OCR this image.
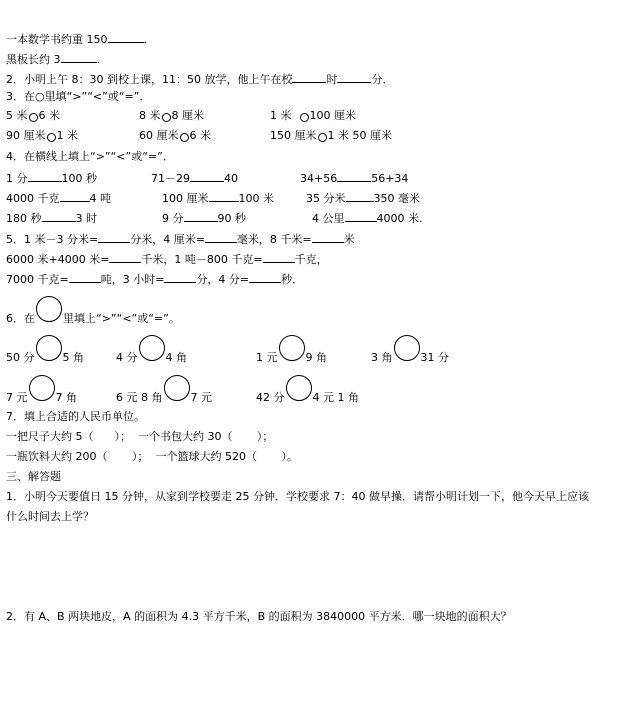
一本数学书约重 150	.
黑板长约 3	.
2．小明上午 8：30 到校上课，11：50 放学，他上午在校	时	分．
3．在○里填“>”“<”或“=”．
5 米 6 米	8 米 8 厘米	1 米 100 厘米
90 厘米 1 米	60 厘米 6 米	150 厘米 1 米 50 厘米
4．在横线上填上“>”“<”或“=”．
1 分	100 秒	71－29	40	34+56	56+34
4000 千克	4 吨	100 厘米	100 米	35 分米	350 毫米
180 秒	3 时	9 分	90 秒	4 公里	4000 米.
5．1 米－3 分米=	分米，4 厘米=	毫米，8 千米=	米
6000 米+4000 米=	千米，1 吨－800 千克=	千克，
7000 千克=	吨，3 小时=	分，4 分=	秒．
6．在	里填上“>”“<”或“=”。
50 分	5 角	4 分	4 角	1 元	9 角	3 角	31 分
7 元	7 角	6 元 8 角	7 元	42 分	4 元 1 角
7．填上合适的人民币单位。
一把尺子大约 5（      ）；  一个书包大约 30（       ）；
一瓶饮料大约 200（       ）；  一个篮球大约 520（       ）。
三、解答题
1．小明今天要值日 15 分钟，从家到学校要走 25 分钟．学校要求 7：40 做早操．请帮小明计划一下，他今天早上应该
什么时间去上学？
2．有 A、B 两块地皮，A 的面积为 4.3 平方千米，B 的面积为 3840000 平方米．哪一块地的面积大？
